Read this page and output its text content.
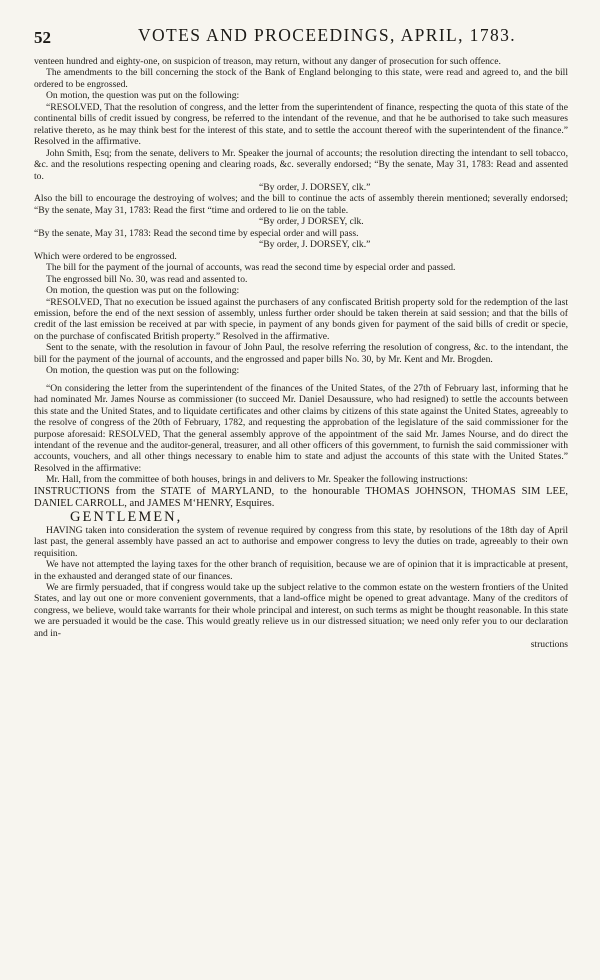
52	VOTES AND PROCEEDINGS, APRIL, 1783.

venteen hundred and eighty-one, on suspicion of treason, may return, without any danger of prosecution for such offence.

The amendments to the bill concerning the stock of the Bank of England belonging to this state, were read and agreed to, and the bill ordered to be engrossed.

On motion, the question was put on the following:

“RESOLVED, That the resolution of congress, and the letter from the superintendent of finance, respecting the quota of this state of the continental bills of credit issued by congress, be referred to the intendant of the revenue, and that he be authorised to take such measures relative thereto, as he may think best for the interest of this state, and to settle the account thereof with the superintendent of the finance.” Resolved in the affirmative.

John Smith, Esq; from the senate, delivers to Mr. Speaker the journal of accounts; the resolution directing the intendant to sell tobacco, &c. and the resolutions respecting opening and clearing roads, &c. severally endorsed; “By the senate, May 31, 1783: Read and assented to.

“By order, J. DORSEY, clk.”

Also the bill to encourage the destroying of wolves; and the bill to continue the acts of assembly therein mentioned; severally endorsed; “By the senate, May 31, 1783: Read the first “time and ordered to lie on the table.

“By order, J DORSEY, clk.

“By the senate, May 31, 1783: Read the second time by especial order and will pass.

“By order, J. DORSEY, clk.”

Which were ordered to be engrossed.

The bill for the payment of the journal of accounts, was read the second time by especial order and passed.

The engrossed bill No. 30, was read and assented to.

On motion, the question was put on the following:

“RESOLVED, That no execution be issued against the purchasers of any confiscated British property sold for the redemption of the last emission, before the end of the next session of assembly, unless further order should be taken therein at said session; and that the bills of credit of the last emission be received at par with specie, in payment of any bonds given for payment of the said bills of credit or specie, on the purchase of confiscated British property.” Resolved in the affirmative.

Sent to the senate, with the resolution in favour of John Paul, the resolve referring the resolution of congress, &c. to the intendant, the bill for the payment of the journal of accounts, and the engrossed and paper bills No. 30, by Mr. Kent and Mr. Brogden.

On motion, the question was put on the following:

“On considering the letter from the superintendent of the finances of the United States, of the 27th of February last, informing that he had nominated Mr. James Nourse as commissioner (to succeed Mr. Daniel Desaussure, who had resigned) to settle the accounts between this state and the United States, and to liquidate certificates and other claims by citizens of this state against the United States, agreeably to the resolve of congress of the 20th of February, 1782, and requesting the approbation of the legislature of the said commissioner for the purpose aforesaid: RESOLVED, That the general assembly approve of the appointment of the said Mr. James Nourse, and do direct the intendant of the revenue and the auditor-general, treasurer, and all other officers of this government, to furnish the said commissioner with accounts, vouchers, and all other things necessary to enable him to state and adjust the accounts of this state with the United States.” Resolved in the affirmative:

Mr. Hall, from the committee of both houses, brings in and delivers to Mr. Speaker the following instructions:

INSTRUCTIONS from the STATE of MARYLAND, to the honourable THOMAS JOHNSON, THOMAS SIM LEE, DANIEL CARROLL, and JAMES M‘HENRY, Esquires.

GENTLEMEN,

HAVING taken into consideration the system of revenue required by congress from this state, by resolutions of the 18th day of April last past, the general assembly have passed an act to authorise and empower congress to levy the duties on trade, agreeably to their own requisition.

We have not attempted the laying taxes for the other branch of requisition, because we are of opinion that it is impracticable at present, in the exhausted and deranged state of our finances.

We are firmly persuaded, that if congress would take up the subject relative to the common estate on the western frontiers of the United States, and lay out one or more convenient governments, that a land-office might be opened to great advantage. Many of the creditors of congress, we believe, would take warrants for their whole principal and interest, on such terms as might be thought reasonable. In this state we are persuaded it would be the case. This would greatly relieve us in our distressed situation; we need only refer you to our declaration and in-

structions
